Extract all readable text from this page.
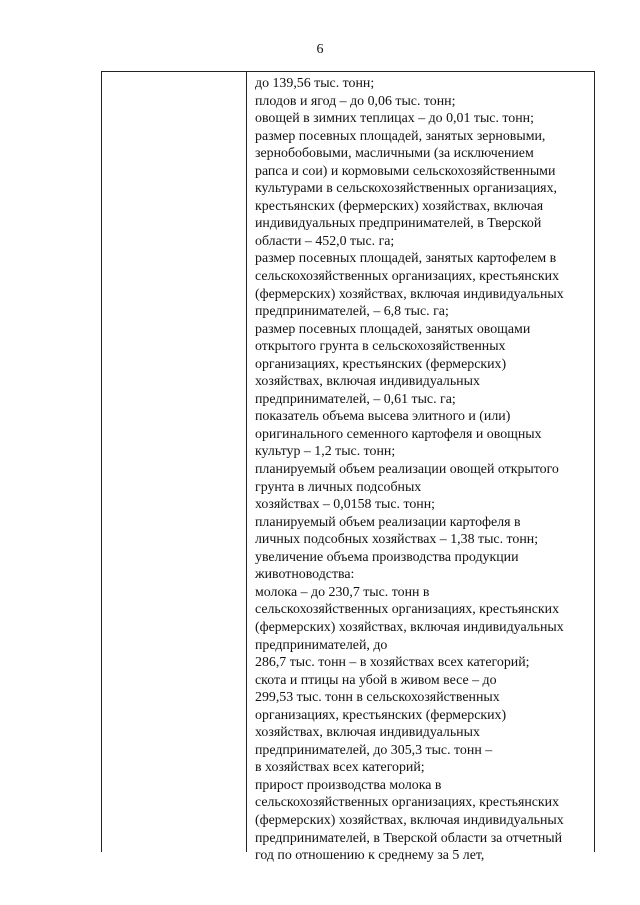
6
до 139,56 тыс. тонн;
плодов и ягод – до 0,06 тыс. тонн;
овощей в зимних теплицах – до 0,01 тыс. тонн;
размер посевных площадей, занятых зерновыми,
зернобобовыми, масличными (за исключением
рапса и сои) и кормовыми сельскохозяйственными
культурами в сельскохозяйственных организациях,
крестьянских (фермерских) хозяйствах, включая
индивидуальных предпринимателей, в Тверской
области – 452,0 тыс. га;
размер посевных площадей, занятых картофелем в
сельскохозяйственных организациях, крестьянских
(фермерских) хозяйствах, включая индивидуальных
предпринимателей, – 6,8 тыс. га;
размер посевных площадей, занятых овощами
открытого грунта в сельскохозяйственных
организациях, крестьянских (фермерских)
хозяйствах, включая индивидуальных
предпринимателей, – 0,61 тыс. га;
показатель объема высева элитного и (или)
оригинального семенного картофеля и овощных
культур – 1,2 тыс. тонн;
планируемый объем реализации овощей открытого
грунта в личных подсобных
хозяйствах – 0,0158 тыс. тонн;
планируемый объем реализации картофеля в
личных подсобных хозяйствах – 1,38 тыс. тонн;
увеличение объема производства продукции
животноводства:
молока – до 230,7 тыс. тонн в
сельскохозяйственных организациях, крестьянских
(фермерских) хозяйствах, включая индивидуальных
предпринимателей, до
286,7 тыс. тонн – в хозяйствах всех категорий;
скота и птицы на убой в живом весе – до
299,53 тыс. тонн в сельскохозяйственных
организациях, крестьянских (фермерских)
хозяйствах, включая индивидуальных
предпринимателей, до 305,3 тыс. тонн –
в хозяйствах всех категорий;
прирост производства молока в
сельскохозяйственных организациях, крестьянских
(фермерских) хозяйствах, включая индивидуальных
предпринимателей, в Тверской области за отчетный
год по отношению к среднему за 5 лет,
